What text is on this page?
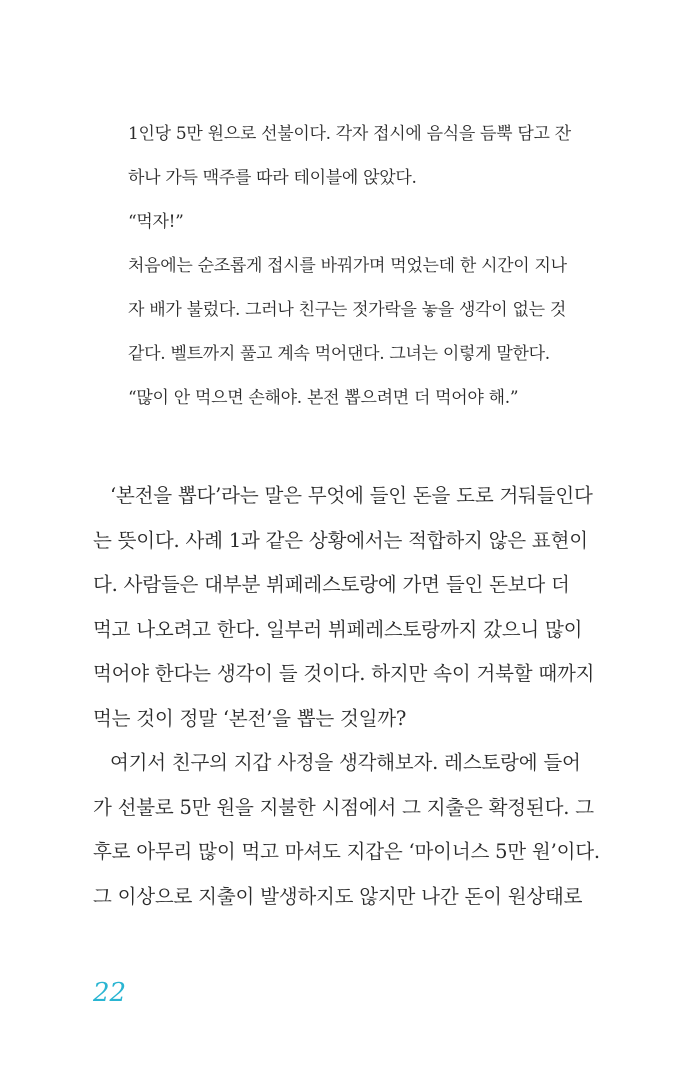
1인당 5만 원으로 선불이다. 각자 접시에 음식을 듬뿍 담고 잔
하나 가득 맥주를 따라 테이블에 앉았다.
“먹자!”
처음에는 순조롭게 접시를 바꿔가며 먹었는데 한 시간이 지나
자 배가 불렀다. 그러나 친구는 젓가락을 놓을 생각이 없는 것
같다. 벨트까지 풀고 계속 먹어댄다. 그녀는 이렇게 말한다.
“많이 안 먹으면 손해야. 본전 뽑으려면 더 먹어야 해.”
‘본전을 뽑다’라는 말은 무엇에 들인 돈을 도로 거둬들인다
는 뜻이다. 사례 1과 같은 상황에서는 적합하지 않은 표현이
다. 사람들은 대부분 뷔페레스토랑에 가면 들인 돈보다 더
먹고 나오려고 한다. 일부러 뷔페레스토랑까지 갔으니 많이
먹어야 한다는 생각이 들 것이다. 하지만 속이 거북할 때까지
먹는 것이 정말 ‘본전’을 뽑는 것일까?
여기서 친구의 지갑 사정을 생각해보자. 레스토랑에 들어
가 선불로 5만 원을 지불한 시점에서 그 지출은 확정된다. 그
후로 아무리 많이 먹고 마셔도 지갑은 ‘마이너스 5만 원’이다.
그 이상으로 지출이 발생하지도 않지만 나간 돈이 원상태로
22
